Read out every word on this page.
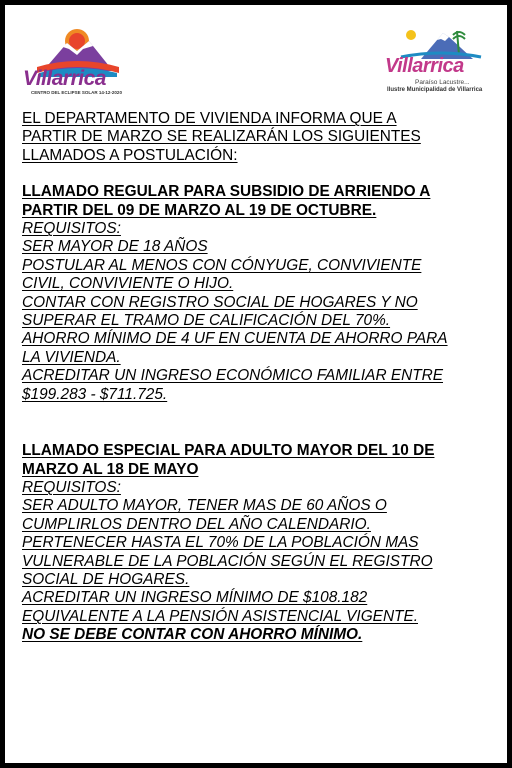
Villarrica
CENTRO DEL ECLIPSE SOLAR 14-12-2020
Villarrica
Paraíso Lacustre...
Ilustre Municipalidad de Villarrica
EL DEPARTAMENTO DE VIVIENDA INFORMA QUE A
PARTIR DE MARZO SE REALIZARÁN LOS SIGUIENTES
LLAMADOS A POSTULACIÓN:
LLAMADO REGULAR PARA SUBSIDIO DE ARRIENDO A
PARTIR DEL 09 DE MARZO AL 19 DE OCTUBRE.
REQUISITOS:
SER MAYOR DE 18 AÑOS
POSTULAR AL MENOS CON CÓNYUGE, CONVIVIENTE
CIVIL, CONVIVIENTE O HIJO.
CONTAR CON REGISTRO SOCIAL DE HOGARES Y NO
SUPERAR EL TRAMO DE CALIFICACIÓN DEL 70%.
AHORRO MÍNIMO DE 4 UF EN CUENTA DE AHORRO PARA
LA VIVIENDA.
ACREDITAR UN INGRESO ECONÓMICO FAMILIAR ENTRE
$199.283 - $711.725.
LLAMADO ESPECIAL PARA ADULTO MAYOR DEL 10 DE
MARZO AL 18 DE MAYO
REQUISITOS:
SER ADULTO MAYOR, TENER MAS DE 60 AÑOS O
CUMPLIRLOS DENTRO DEL AÑO CALENDARIO.
PERTENECER HASTA EL 70% DE LA POBLACIÓN MAS
VULNERABLE DE LA POBLACIÓN SEGÚN EL REGISTRO
SOCIAL DE HOGARES.
ACREDITAR UN INGRESO MÍNIMO DE $108.182
EQUIVALENTE A LA PENSIÓN ASISTENCIAL VIGENTE.
NO SE DEBE CONTAR CON AHORRO MÍNIMO.
